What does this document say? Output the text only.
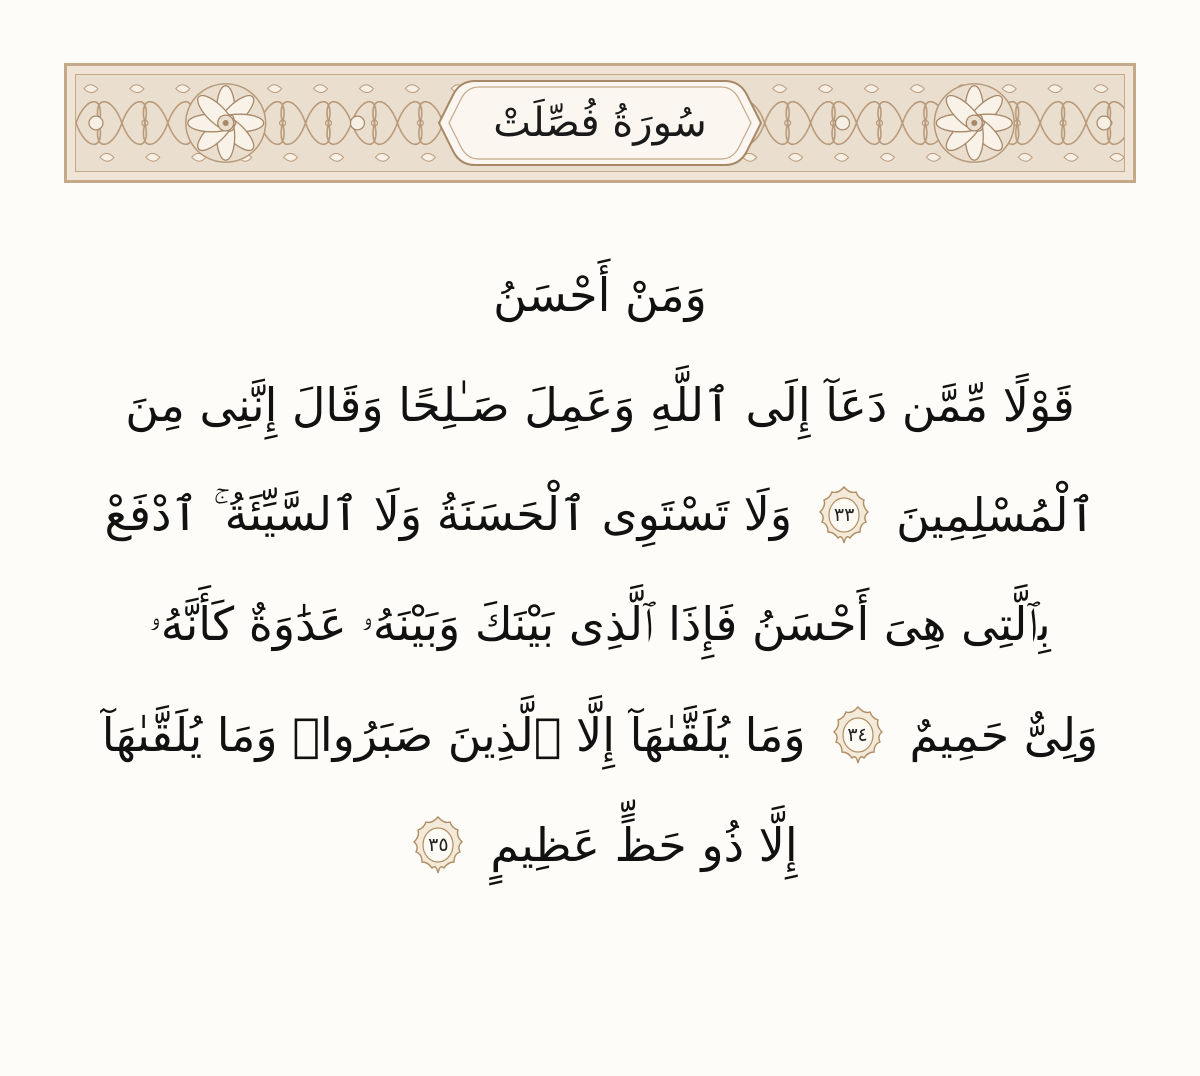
سُورَةُ فُصِّلَتْ
وَمَنْ أَحْسَنُ
قَوْلًا مِّمَّن دَعَآ إِلَى ٱللَّهِ وَعَمِلَ صَـٰلِحًا وَقَالَ إِنَّنِى مِنَ
ٱلْمُسْلِمِينَ
٣٣
وَلَا تَسْتَوِى ٱلْحَسَنَةُ وَلَا ٱلسَّيِّئَةُ ۚ ٱدْفَعْ
بِٱلَّتِى هِىَ أَحْسَنُ فَإِذَا ٱلَّذِى بَيْنَكَ وَبَيْنَهُۥ عَدَٰوَةٌ كَأَنَّهُۥ
وَلِىٌّ حَمِيمٌ
٣٤
وَمَا يُلَقَّىٰهَآ إِلَّا ٱلَّذِينَ صَبَرُوا۟ وَمَا يُلَقَّىٰهَآ
إِلَّا ذُو حَظٍّ عَظِيمٍ
٣٥
